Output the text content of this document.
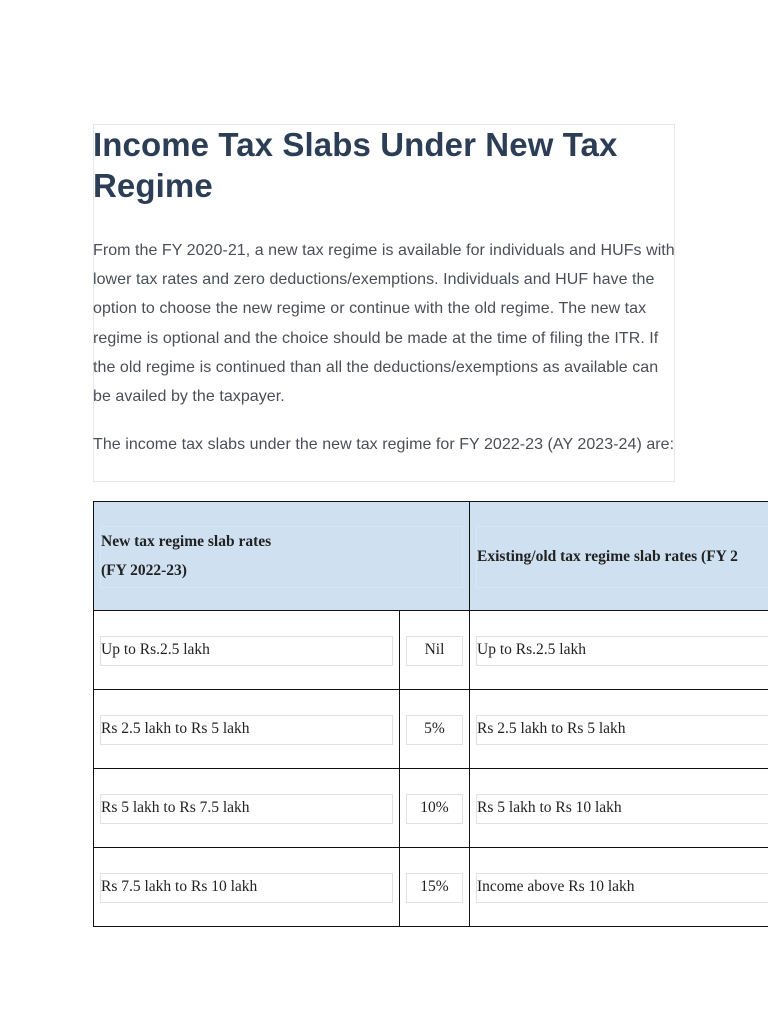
Income Tax Slabs Under New Tax Regime

From the FY 2020-21, a new tax regime is available for individuals and HUFs with lower tax rates and zero deductions/exemptions. Individuals and HUF have the option to choose the new regime or continue with the old regime. The new tax regime is optional and the choice should be made at the time of filing the ITR. If the old regime is continued than all the deductions/exemptions as available can be availed by the taxpayer.

The income tax slabs under the new tax regime for FY 2022-23 (AY 2023-24) are:

New tax regime slab rates
(FY 2022-23)		Existing/old tax regime slab rates (FY 2

Up to Rs.2.5 lakh	Nil	Up to Rs.2.5 lakh

Rs 2.5 lakh to Rs 5 lakh	5%	Rs 2.5 lakh to Rs 5 lakh

Rs 5 lakh to Rs 7.5 lakh	10%	Rs 5 lakh to Rs 10 lakh

Rs 7.5 lakh to Rs 10 lakh	15%	Income above Rs 10 lakh
